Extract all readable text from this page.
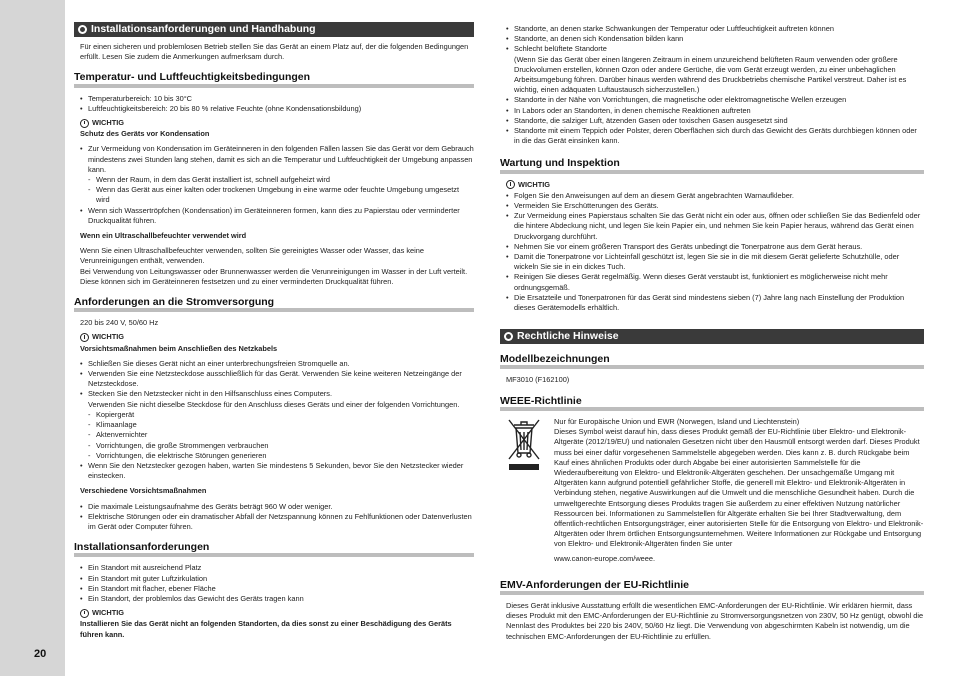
20
Installationsanforderungen und Handhabung
Für einen sicheren und problemlosen Betrieb stellen Sie das Gerät an einem Platz auf, der die folgenden Bedingungen erfüllt. Lesen Sie zudem die Anmerkungen aufmerksam durch.
Temperatur- und Luftfeuchtigkeitsbedingungen
• Temperaturbereich: 10 bis 30°C
• Luftfeuchtigkeitsbereich: 20 bis 80 % relative Feuchte (ohne Kondensationsbildung)
WICHTIG
Schutz des Geräts vor Kondensation
• Zur Vermeidung von Kondensation im Geräteinneren in den folgenden Fällen lassen Sie das Gerät vor dem Gebrauch mindestens zwei Stunden lang stehen, damit es sich an die Temperatur und Luftfeuchtigkeit der Umgebung anpassen kann.
- Wenn der Raum, in dem das Gerät installiert ist, schnell aufgeheizt wird
- Wenn das Gerät aus einer kalten oder trockenen Umgebung in eine warme oder feuchte Umgebung umgesetzt wird
• Wenn sich Wassertröpfchen (Kondensation) im Geräteinneren formen, kann dies zu Papierstau oder verminderter Druckqualität führen.
Wenn ein Ultraschallbefeuchter verwendet wird
Wenn Sie einen Ultraschallbefeuchter verwenden, sollten Sie gereinigtes Wasser oder Wasser, das keine Verunreinigungen enthält, verwenden.
Bei Verwendung von Leitungswasser oder Brunnenwasser werden die Verunreinigungen im Wasser in der Luft verteilt. Diese können sich im Geräteinneren festsetzen und zu einer verminderten Druckqualität führen.
Anforderungen an die Stromversorgung
220 bis 240 V, 50/60 Hz
WICHTIG
Vorsichtsmaßnahmen beim Anschließen des Netzkabels
• Schließen Sie dieses Gerät nicht an einer unterbrechungsfreien Stromquelle an.
• Verwenden Sie eine Netzsteckdose ausschließlich für das Gerät. Verwenden Sie keine weiteren Netzeingänge der Netzsteckdose.
• Stecken Sie den Netzstecker nicht in den Hilfsanschluss eines Computers.
Verwenden Sie nicht dieselbe Steckdose für den Anschluss dieses Geräts und einer der folgenden Vorrichtungen.
- Kopiergerät
- Klimaanlage
- Aktenvernichter
- Vorrichtungen, die große Strommengen verbrauchen
- Vorrichtungen, die elektrische Störungen generieren
• Wenn Sie den Netzstecker gezogen haben, warten Sie mindestens 5 Sekunden, bevor Sie den Netzstecker wieder einstecken.
Verschiedene Vorsichtsmaßnahmen
• Die maximale Leistungsaufnahme des Geräts beträgt 960 W oder weniger.
• Elektrische Störungen oder ein dramatischer Abfall der Netzspannung können zu Fehlfunktionen oder Datenverlusten im Gerät oder Computer führen.
Installationsanforderungen
• Ein Standort mit ausreichend Platz
• Ein Standort mit guter Luftzirkulation
• Ein Standort mit flacher, ebener Fläche
• Ein Standort, der problemlos das Gewicht des Geräts tragen kann
WICHTIG
Installieren Sie das Gerät nicht an folgenden Standorten, da dies sonst zu einer Beschädigung des Geräts führen kann.
• Standorte, an denen starke Schwankungen der Temperatur oder Luftfeuchtigkeit auftreten können
• Standorte, an denen sich Kondensation bilden kann
• Schlecht belüftete Standorte
(Wenn Sie das Gerät über einen längeren Zeitraum in einem unzureichend belüfteten Raum verwenden oder größere Druckvolumen erstellen, können Ozon oder andere Gerüche, die vom Gerät erzeugt werden, zu einer unbehaglichen Arbeitsumgebung führen. Darüber hinaus werden während des Druckbetriebs chemische Partikel verstreut. Daher ist es wichtig, einen adäquaten Luftaustausch sicherzustellen.)
• Standorte in der Nähe von Vorrichtungen, die magnetische oder elektromagnetische Wellen erzeugen
• In Labors oder an Standorten, in denen chemische Reaktionen auftreten
• Standorte, die salziger Luft, ätzenden Gasen oder toxischen Gasen ausgesetzt sind
• Standorte mit einem Teppich oder Polster, deren Oberflächen sich durch das Gewicht des Geräts durchbiegen können oder in die das Gerät einsinken kann.
Wartung und Inspektion
WICHTIG
• Folgen Sie den Anweisungen auf dem an diesem Gerät angebrachten Warnaufkleber.
• Vermeiden Sie Erschütterungen des Geräts.
• Zur Vermeidung eines Papierstaus schalten Sie das Gerät nicht ein oder aus, öffnen oder schließen Sie das Bedienfeld oder die hintere Abdeckung nicht, und legen Sie kein Papier ein, und nehmen Sie kein Papier heraus, während das Gerät einen Druckvorgang durchführt.
• Nehmen Sie vor einem größeren Transport des Geräts unbedingt die Tonerpatrone aus dem Gerät heraus.
• Damit die Tonerpatrone vor Lichteinfall geschützt ist, legen Sie sie in die mit diesem Gerät gelieferte Schutzhülle, oder wickeln Sie sie in ein dickes Tuch.
• Reinigen Sie dieses Gerät regelmäßig. Wenn dieses Gerät verstaubt ist, funktioniert es möglicherweise nicht mehr ordnungsgemäß.
• Die Ersatzteile und Tonerpatronen für das Gerät sind mindestens sieben (7) Jahre lang nach Einstellung der Produktion dieses Gerätemodells erhältlich.
Rechtliche Hinweise
Modellbezeichnungen
MF3010 (F162100)
WEEE-Richtlinie
Nur für Europäische Union und EWR (Norwegen, Island und Liechtenstein)
Dieses Symbol weist darauf hin, dass dieses Produkt gemäß der EU-Richtlinie über Elektro- und Elektronik-Altgeräte (2012/19/EU) und nationalen Gesetzen nicht über den Hausmüll entsorgt werden darf. Dieses Produkt muss bei einer dafür vorgesehenen Sammelstelle abgegeben werden. Dies kann z. B. durch Rückgabe beim Kauf eines ähnlichen Produkts oder durch Abgabe bei einer autorisierten Sammelstelle für die Wiederaufbereitung von Elektro- und Elektronik-Altgeräten geschehen. Der unsachgemäße Umgang mit Altgeräten kann aufgrund potentiell gefährlicher Stoffe, die generell mit Elektro- und Elektronik-Altgeräten in Verbindung stehen, negative Auswirkungen auf die Umwelt und die menschliche Gesundheit haben. Durch die umweltgerechte Entsorgung dieses Produkts tragen Sie außerdem zu einer effektiven Nutzung natürlicher Ressourcen bei. Informationen zu Sammelstellen für Altgeräte erhalten Sie bei Ihrer Stadtverwaltung, dem öffentlich-rechtlichen Entsorgungsträger, einer autorisierten Stelle für die Entsorgung von Elektro- und Elektronik-Altgeräten oder Ihrem örtlichen Entsorgungsunternehmen. Weitere Informationen zur Rückgabe und Entsorgung von Elektro- und Elektronik-Altgeräten finden Sie unter
www.canon-europe.com/weee.
EMV-Anforderungen der EU-Richtlinie
Dieses Gerät inklusive Ausstattung erfüllt die wesentlichen EMC-Anforderungen der EU-Richtlinie. Wir erklären hiermit, dass dieses Produkt mit den EMC-Anforderungen der EU-Richtlinie zu Stromversorgungsnetzen von 230V, 50 Hz genügt, obwohl die Nennlast des Produktes bei 220 bis 240V, 50/60 Hz liegt. Die Verwendung von abgeschirmten Kabeln ist notwendig, um die technischen EMC-Anforderungen der EU-Richtlinie zu erfüllen.
